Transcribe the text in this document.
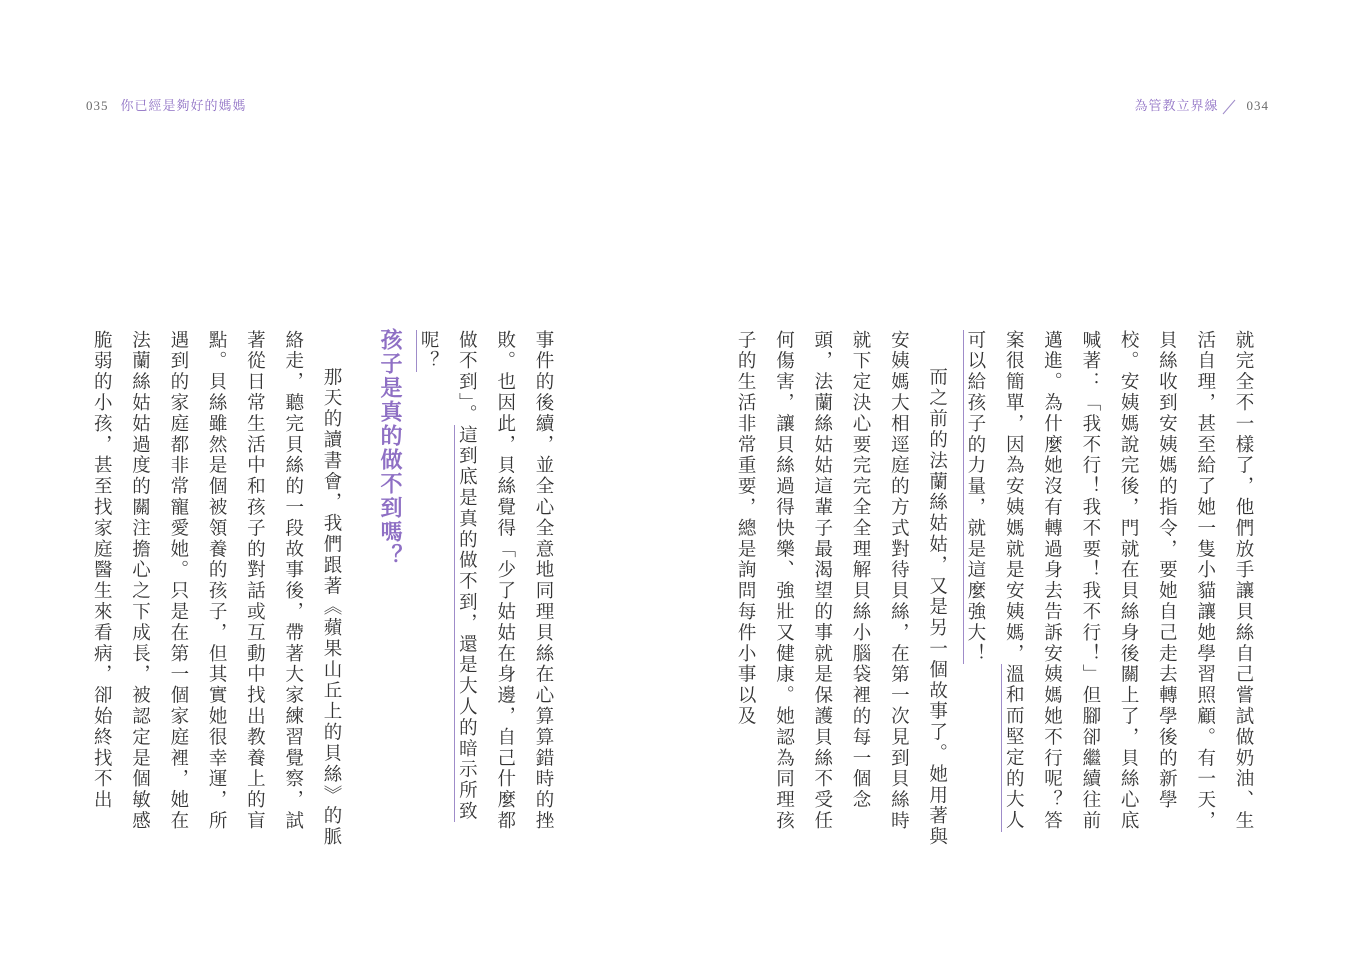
035 你已經是夠好的媽媽	為管教立界線 034

就完全不一樣了，他們放手讓貝絲自己嘗試做奶油、生活自理，甚至給了她一隻小貓讓她學習照顧。有一天，貝絲收到安姨媽的指令，要她自己走去轉學後的新學校。安姨媽說完後，門就在貝絲身後關上了，貝絲心底喊著：「我不行！我不要！我不行！」但腳卻繼續往前邁進。為什麼她沒有轉過身去告訴安姨媽她不行呢？答案很簡單，因為安姨媽就是安姨媽，溫和而堅定的大人可以給孩子的力量，就是這麼強大！

而之前的法蘭絲姑姑，又是另一個故事了。她用著與安姨媽大相逕庭的方式對待貝絲，在第一次見到貝絲時就下定決心要完完全全理解貝絲小腦袋裡的每一個念頭，法蘭絲姑姑這輩子最渴望的事就是保護貝絲不受任何傷害，讓貝絲過得快樂、強壯又健康。她認為同理孩子的生活非常重要，總是詢問每件小事以及

事件的後續，並全心全意地同理貝絲在心算算錯時的挫敗。也因此，貝絲覺得「少了姑姑在身邊，自己什麼都做不到」。這到底是真的做不到，還是大人的暗示所致呢？

孩子是真的做不到嗎？

那天的讀書會，我們跟著《蘋果山丘上的貝絲》的脈絡走，聽完貝絲的一段故事後，帶著大家練習覺察，試著從日常生活中和孩子的對話或互動中找出教養上的盲點。貝絲雖然是個被領養的孩子，但其實她很幸運，所遇到的家庭都非常寵愛她。只是在第一個家庭裡，她在法蘭絲姑姑過度的關注擔心之下成長，被認定是個敏感脆弱的小孩，甚至找家庭醫生來看病，卻始終找不出
